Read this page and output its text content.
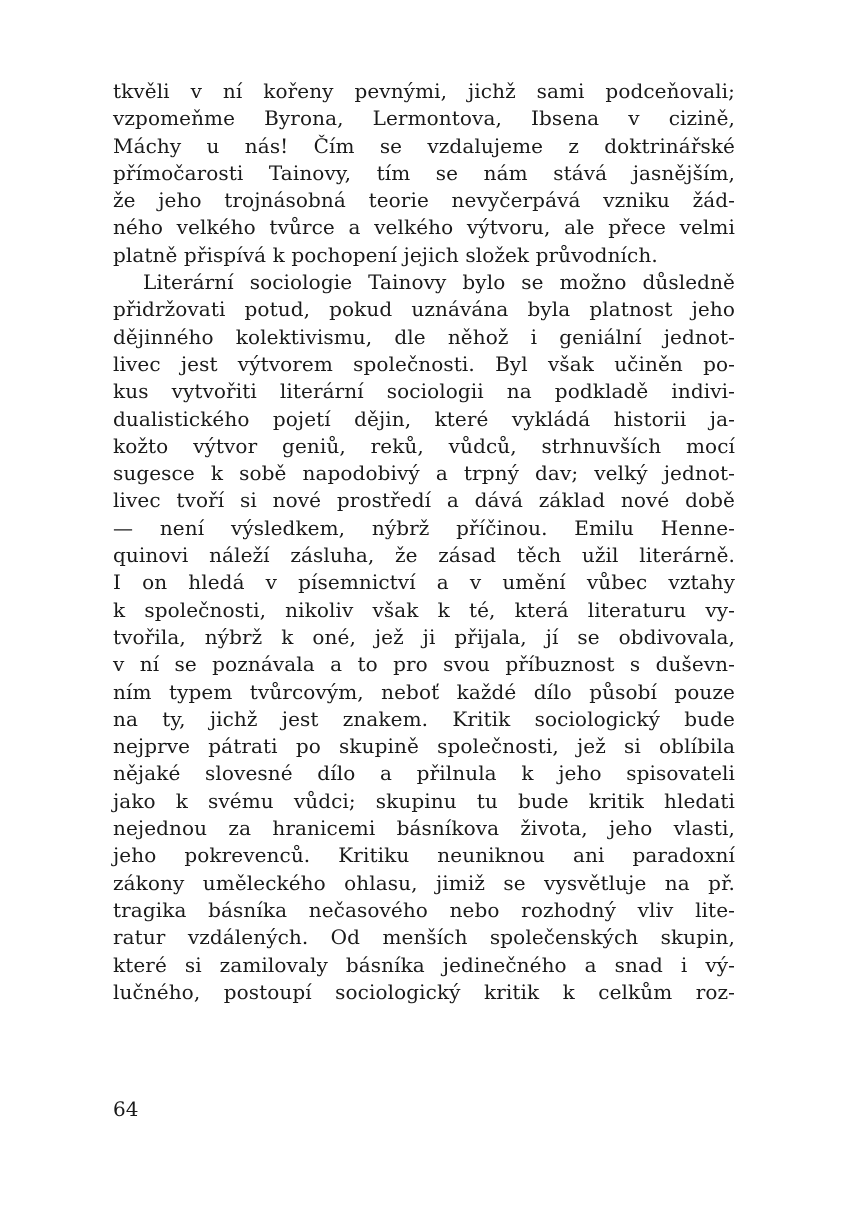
tkvěli v ní kořeny pevnými, jichž sami podceňovali;
vzpomeňme Byrona, Lermontova, Ibsena v cizině,
Máchy u nás! Čím se vzdalujeme z doktrinářské
přímočarosti Tainovy, tím se nám stává jasnějším,
že jeho trojnásobná teorie nevyčerpává vzniku žád-
ného velkého tvůrce a velkého výtvoru, ale přece velmi
platně přispívá k pochopení jejich složek průvodních.
Literární sociologie Tainovy bylo se možno důsledně
přidržovati potud, pokud uznávána byla platnost jeho
dějinného kolektivismu, dle něhož i geniální jednot-
livec jest výtvorem společnosti. Byl však učiněn po-
kus vytvořiti literární sociologii na podkladě indivi-
dualistického pojetí dějin, které vykládá historii ja-
kožto výtvor geniů, reků, vůdců, strhnuvších mocí
sugesce k sobě napodobivý a trpný dav; velký jednot-
livec tvoří si nové prostředí a dává základ nové době
— není výsledkem, nýbrž příčinou. Emilu Henne-
quinovi náleží zásluha, že zásad těch užil literárně.
I on hledá v písemnictví a v umění vůbec vztahy
k společnosti, nikoliv však k té, která literaturu vy-
tvořila, nýbrž k oné, jež ji přijala, jí se obdivovala,
v ní se poznávala a to pro svou příbuznost s duševn-
ním typem tvůrcovým, neboť každé dílo působí pouze
na ty, jichž jest znakem. Kritik sociologický bude
nejprve pátrati po skupině společnosti, jež si oblíbila
nějaké slovesné dílo a přilnula k jeho spisovateli
jako k svému vůdci; skupinu tu bude kritik hledati
nejednou za hranicemi básníkova života, jeho vlasti,
jeho pokrevenců. Kritiku neuniknou ani paradoxní
zákony uměleckého ohlasu, jimiž se vysvětluje na př.
tragika básníka nečasového nebo rozhodný vliv lite-
ratur vzdálených. Od menších společenských skupin,
které si zamilovaly básníka jedinečného a snad i vý-
lučného, postoupí sociologický kritik k celkům roz-
64
